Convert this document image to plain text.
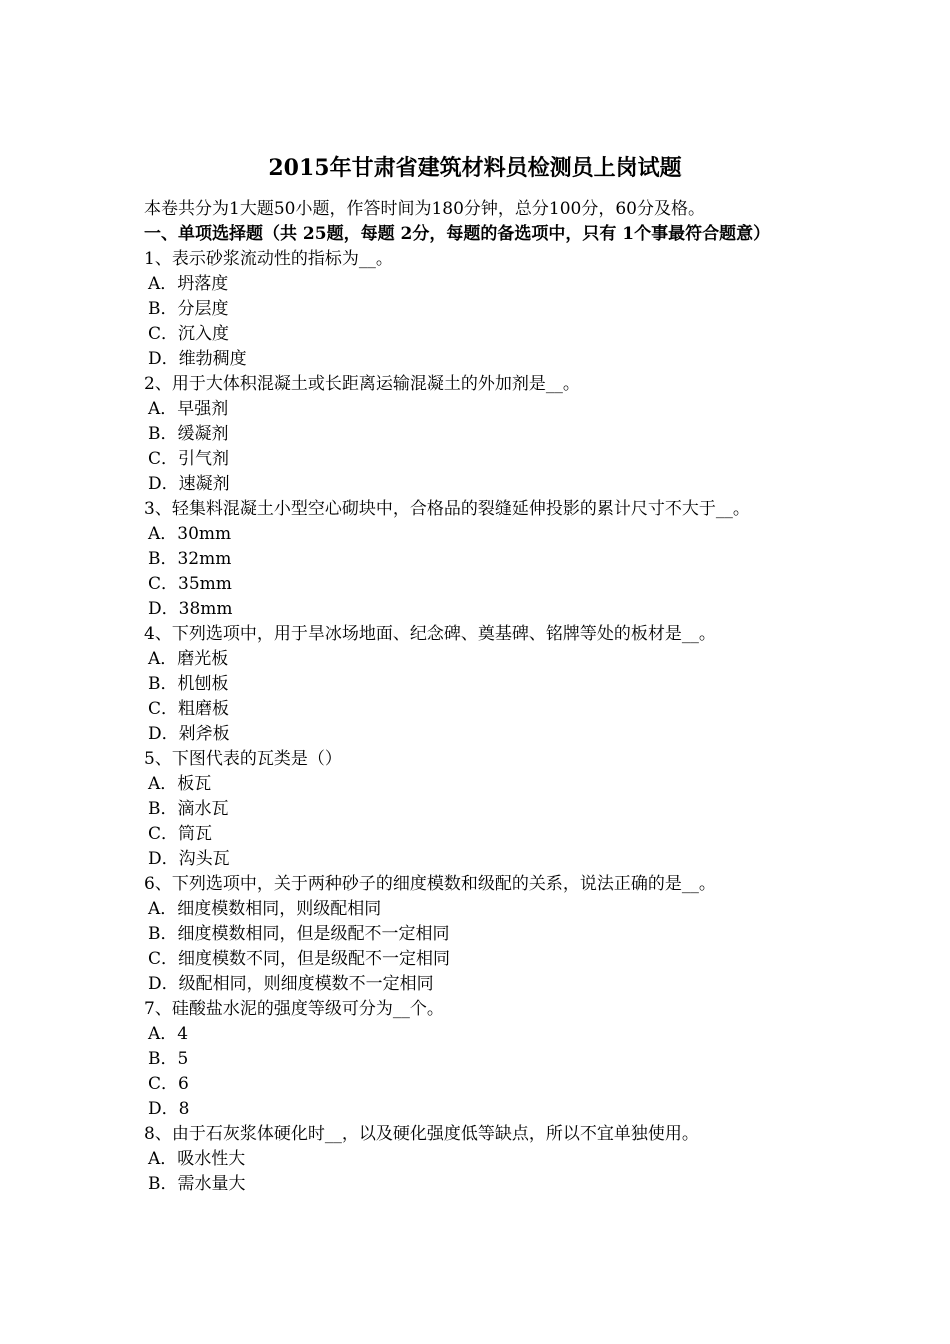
2015年甘肃省建筑材料员检测员上岗试题
本卷共分为1大题50小题，作答时间为180分钟，总分100分，60分及格。
一、单项选择题（共 25题，每题 2分，每题的备选项中，只有 1个事最符合题意）
1、表示砂浆流动性的指标为__。
A．坍落度
B．分层度
C．沉入度
D．维勃稠度
2、用于大体积混凝土或长距离运输混凝土的外加剂是__。
A．早强剂
B．缓凝剂
C．引气剂
D．速凝剂
3、轻集料混凝土小型空心砌块中，合格品的裂缝延伸投影的累计尺寸不大于__。
A．30mm
B．32mm
C．35mm
D．38mm
4、下列选项中，用于旱冰场地面、纪念碑、奠基碑、铭牌等处的板材是__。
A．磨光板
B．机刨板
C．粗磨板
D．剁斧板
5、下图代表的瓦类是（）
A．板瓦
B．滴水瓦
C．筒瓦
D．沟头瓦
6、下列选项中，关于两种砂子的细度模数和级配的关系，说法正确的是__。
A．细度模数相同，则级配相同
B．细度模数相同，但是级配不一定相同
C．细度模数不同，但是级配不一定相同
D．级配相同，则细度模数不一定相同
7、硅酸盐水泥的强度等级可分为__个。
A．4
B．5
C．6
D．8
8、由于石灰浆体硬化时__，以及硬化强度低等缺点，所以不宜单独使用。
A．吸水性大
B．需水量大
